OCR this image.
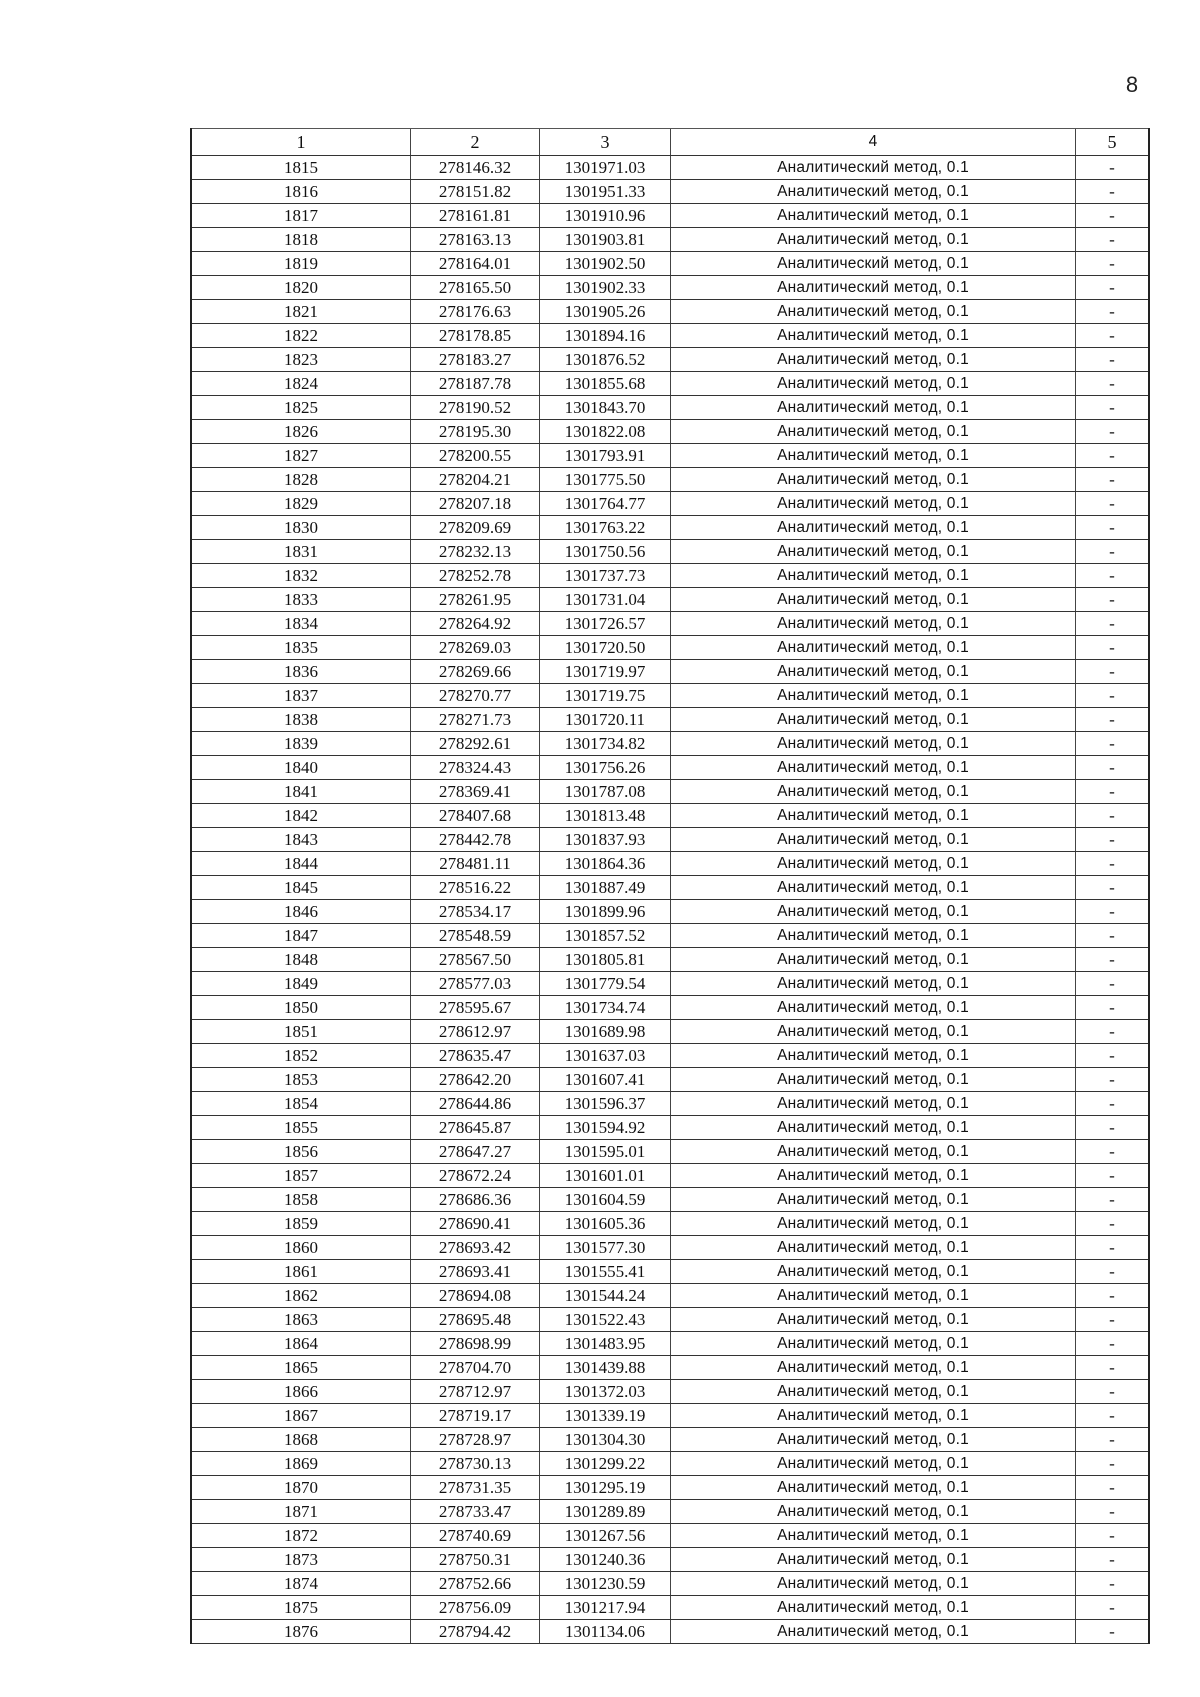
8
1	2	3	4	5
1815	278146.32	1301971.03	Аналитический метод, 0.1	-
1816	278151.82	1301951.33	Аналитический метод, 0.1	-
1817	278161.81	1301910.96	Аналитический метод, 0.1	-
1818	278163.13	1301903.81	Аналитический метод, 0.1	-
1819	278164.01	1301902.50	Аналитический метод, 0.1	-
1820	278165.50	1301902.33	Аналитический метод, 0.1	-
1821	278176.63	1301905.26	Аналитический метод, 0.1	-
1822	278178.85	1301894.16	Аналитический метод, 0.1	-
1823	278183.27	1301876.52	Аналитический метод, 0.1	-
1824	278187.78	1301855.68	Аналитический метод, 0.1	-
1825	278190.52	1301843.70	Аналитический метод, 0.1	-
1826	278195.30	1301822.08	Аналитический метод, 0.1	-
1827	278200.55	1301793.91	Аналитический метод, 0.1	-
1828	278204.21	1301775.50	Аналитический метод, 0.1	-
1829	278207.18	1301764.77	Аналитический метод, 0.1	-
1830	278209.69	1301763.22	Аналитический метод, 0.1	-
1831	278232.13	1301750.56	Аналитический метод, 0.1	-
1832	278252.78	1301737.73	Аналитический метод, 0.1	-
1833	278261.95	1301731.04	Аналитический метод, 0.1	-
1834	278264.92	1301726.57	Аналитический метод, 0.1	-
1835	278269.03	1301720.50	Аналитический метод, 0.1	-
1836	278269.66	1301719.97	Аналитический метод, 0.1	-
1837	278270.77	1301719.75	Аналитический метод, 0.1	-
1838	278271.73	1301720.11	Аналитический метод, 0.1	-
1839	278292.61	1301734.82	Аналитический метод, 0.1	-
1840	278324.43	1301756.26	Аналитический метод, 0.1	-
1841	278369.41	1301787.08	Аналитический метод, 0.1	-
1842	278407.68	1301813.48	Аналитический метод, 0.1	-
1843	278442.78	1301837.93	Аналитический метод, 0.1	-
1844	278481.11	1301864.36	Аналитический метод, 0.1	-
1845	278516.22	1301887.49	Аналитический метод, 0.1	-
1846	278534.17	1301899.96	Аналитический метод, 0.1	-
1847	278548.59	1301857.52	Аналитический метод, 0.1	-
1848	278567.50	1301805.81	Аналитический метод, 0.1	-
1849	278577.03	1301779.54	Аналитический метод, 0.1	-
1850	278595.67	1301734.74	Аналитический метод, 0.1	-
1851	278612.97	1301689.98	Аналитический метод, 0.1	-
1852	278635.47	1301637.03	Аналитический метод, 0.1	-
1853	278642.20	1301607.41	Аналитический метод, 0.1	-
1854	278644.86	1301596.37	Аналитический метод, 0.1	-
1855	278645.87	1301594.92	Аналитический метод, 0.1	-
1856	278647.27	1301595.01	Аналитический метод, 0.1	-
1857	278672.24	1301601.01	Аналитический метод, 0.1	-
1858	278686.36	1301604.59	Аналитический метод, 0.1	-
1859	278690.41	1301605.36	Аналитический метод, 0.1	-
1860	278693.42	1301577.30	Аналитический метод, 0.1	-
1861	278693.41	1301555.41	Аналитический метод, 0.1	-
1862	278694.08	1301544.24	Аналитический метод, 0.1	-
1863	278695.48	1301522.43	Аналитический метод, 0.1	-
1864	278698.99	1301483.95	Аналитический метод, 0.1	-
1865	278704.70	1301439.88	Аналитический метод, 0.1	-
1866	278712.97	1301372.03	Аналитический метод, 0.1	-
1867	278719.17	1301339.19	Аналитический метод, 0.1	-
1868	278728.97	1301304.30	Аналитический метод, 0.1	-
1869	278730.13	1301299.22	Аналитический метод, 0.1	-
1870	278731.35	1301295.19	Аналитический метод, 0.1	-
1871	278733.47	1301289.89	Аналитический метод, 0.1	-
1872	278740.69	1301267.56	Аналитический метод, 0.1	-
1873	278750.31	1301240.36	Аналитический метод, 0.1	-
1874	278752.66	1301230.59	Аналитический метод, 0.1	-
1875	278756.09	1301217.94	Аналитический метод, 0.1	-
1876	278794.42	1301134.06	Аналитический метод, 0.1	-
